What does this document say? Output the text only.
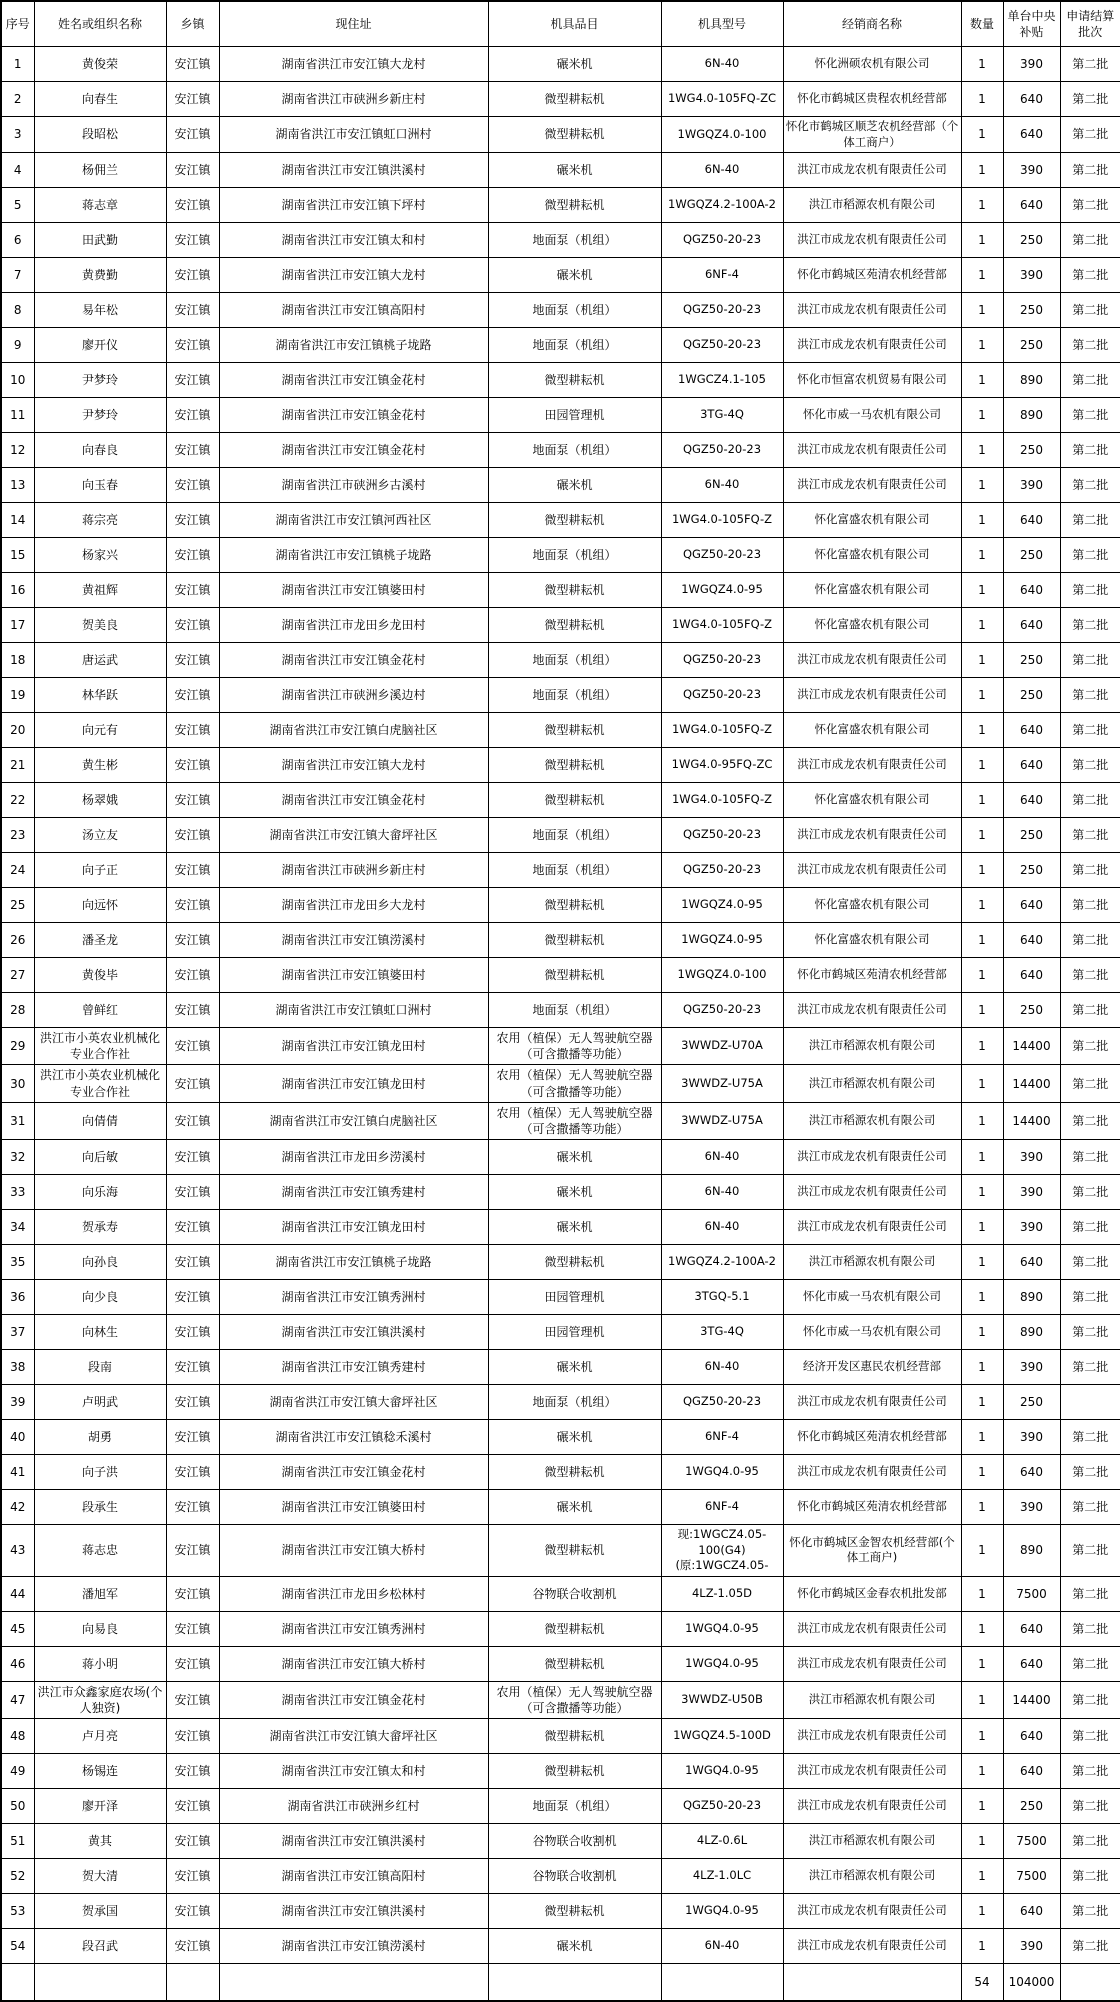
序号	姓名或组织名称	乡镇	现住址	机具品目	机具型号	经销商名称	数量	单台中央补贴	申请结算批次
1	黄俊荣	安江镇	湖南省洪江市安江镇大龙村	碾米机	6N-40	怀化洲硕农机有限公司	1	390	第二批
2	向春生	安江镇	湖南省洪江市硖洲乡新庄村	微型耕耘机	1WG4.0-105FQ-ZC	怀化市鹤城区贵程农机经营部	1	640	第二批
3	段昭松	安江镇	湖南省洪江市安江镇虹口洲村	微型耕耘机	1WGQZ4.0-100	怀化市鹤城区顺芝农机经营部（个体工商户）	1	640	第二批
4	杨佣兰	安江镇	湖南省洪江市安江镇洪溪村	碾米机	6N-40	洪江市成龙农机有限责任公司	1	390	第二批
5	蒋志章	安江镇	湖南省洪江市安江镇下坪村	微型耕耘机	1WGQZ4.2-100A-2	洪江市稻源农机有限公司	1	640	第二批
6	田武勤	安江镇	湖南省洪江市安江镇太和村	地面泵（机组）	QGZ50-20-23	洪江市成龙农机有限责任公司	1	250	第二批
7	黄费勤	安江镇	湖南省洪江市安江镇大龙村	碾米机	6NF-4	怀化市鹤城区苑清农机经营部	1	390	第二批
8	易年松	安江镇	湖南省洪江市安江镇高阳村	地面泵（机组）	QGZ50-20-23	洪江市成龙农机有限责任公司	1	250	第二批
9	廖开仪	安江镇	湖南省洪江市安江镇桃子垅路	地面泵（机组）	QGZ50-20-23	洪江市成龙农机有限责任公司	1	250	第二批
10	尹梦玲	安江镇	湖南省洪江市安江镇金花村	微型耕耘机	1WGCZ4.1-105	怀化市恒富农机贸易有限公司	1	890	第二批
11	尹梦玲	安江镇	湖南省洪江市安江镇金花村	田园管理机	3TG-4Q	怀化市威一马农机有限公司	1	890	第二批
12	向春良	安江镇	湖南省洪江市安江镇金花村	地面泵（机组）	QGZ50-20-23	洪江市成龙农机有限责任公司	1	250	第二批
13	向玉春	安江镇	湖南省洪江市硖洲乡古溪村	碾米机	6N-40	洪江市成龙农机有限责任公司	1	390	第二批
14	蒋宗亮	安江镇	湖南省洪江市安江镇河西社区	微型耕耘机	1WG4.0-105FQ-Z	怀化富盛农机有限公司	1	640	第二批
15	杨家兴	安江镇	湖南省洪江市安江镇桃子垅路	地面泵（机组）	QGZ50-20-23	怀化富盛农机有限公司	1	250	第二批
16	黄祖辉	安江镇	湖南省洪江市安江镇婆田村	微型耕耘机	1WGQZ4.0-95	怀化富盛农机有限公司	1	640	第二批
17	贺美良	安江镇	湖南省洪江市龙田乡龙田村	微型耕耘机	1WG4.0-105FQ-Z	怀化富盛农机有限公司	1	640	第二批
18	唐运武	安江镇	湖南省洪江市安江镇金花村	地面泵（机组）	QGZ50-20-23	洪江市成龙农机有限责任公司	1	250	第二批
19	林华跃	安江镇	湖南省洪江市硖洲乡溪边村	地面泵（机组）	QGZ50-20-23	洪江市成龙农机有限责任公司	1	250	第二批
20	向元有	安江镇	湖南省洪江市安江镇白虎脑社区	微型耕耘机	1WG4.0-105FQ-Z	怀化富盛农机有限公司	1	640	第二批
21	黄生彬	安江镇	湖南省洪江市安江镇大龙村	微型耕耘机	1WG4.0-95FQ-ZC	洪江市成龙农机有限责任公司	1	640	第二批
22	杨翠娥	安江镇	湖南省洪江市安江镇金花村	微型耕耘机	1WG4.0-105FQ-Z	怀化富盛农机有限公司	1	640	第二批
23	汤立友	安江镇	湖南省洪江市安江镇大畲坪社区	地面泵（机组）	QGZ50-20-23	洪江市成龙农机有限责任公司	1	250	第二批
24	向子正	安江镇	湖南省洪江市硖洲乡新庄村	地面泵（机组）	QGZ50-20-23	洪江市成龙农机有限责任公司	1	250	第二批
25	向远怀	安江镇	湖南省洪江市龙田乡大龙村	微型耕耘机	1WGQZ4.0-95	怀化富盛农机有限公司	1	640	第二批
26	潘圣龙	安江镇	湖南省洪江市安江镇涝溪村	微型耕耘机	1WGQZ4.0-95	怀化富盛农机有限公司	1	640	第二批
27	黄俊毕	安江镇	湖南省洪江市安江镇婆田村	微型耕耘机	1WGQZ4.0-100	怀化市鹤城区苑清农机经营部	1	640	第二批
28	曾鲜红	安江镇	湖南省洪江市安江镇虹口洲村	地面泵（机组）	QGZ50-20-23	洪江市成龙农机有限责任公司	1	250	第二批
29	洪江市小英农业机械化专业合作社	安江镇	湖南省洪江市安江镇龙田村	农用（植保）无人驾驶航空器（可含撒播等功能）	3WWDZ-U70A	洪江市稻源农机有限公司	1	14400	第二批
30	洪江市小英农业机械化专业合作社	安江镇	湖南省洪江市安江镇龙田村	农用（植保）无人驾驶航空器（可含撒播等功能）	3WWDZ-U75A	洪江市稻源农机有限公司	1	14400	第二批
31	向倩倩	安江镇	湖南省洪江市安江镇白虎脑社区	农用（植保）无人驾驶航空器（可含撒播等功能）	3WWDZ-U75A	洪江市稻源农机有限公司	1	14400	第二批
32	向后敏	安江镇	湖南省洪江市龙田乡涝溪村	碾米机	6N-40	洪江市成龙农机有限责任公司	1	390	第二批
33	向乐海	安江镇	湖南省洪江市安江镇秀建村	碾米机	6N-40	洪江市成龙农机有限责任公司	1	390	第二批
34	贺承寿	安江镇	湖南省洪江市安江镇龙田村	碾米机	6N-40	洪江市成龙农机有限责任公司	1	390	第二批
35	向孙良	安江镇	湖南省洪江市安江镇桃子垅路	微型耕耘机	1WGQZ4.2-100A-2	洪江市稻源农机有限公司	1	640	第二批
36	向少良	安江镇	湖南省洪江市安江镇秀洲村	田园管理机	3TGQ-5.1	怀化市威一马农机有限公司	1	890	第二批
37	向林生	安江镇	湖南省洪江市安江镇洪溪村	田园管理机	3TG-4Q	怀化市威一马农机有限公司	1	890	第二批
38	段南	安江镇	湖南省洪江市安江镇秀建村	碾米机	6N-40	经济开发区惠民农机经营部	1	390	第二批
39	卢明武	安江镇	湖南省洪江市安江镇大畲坪社区	地面泵（机组）	QGZ50-20-23	洪江市成龙农机有限责任公司	1	250	
40	胡勇	安江镇	湖南省洪江市安江镇稔禾溪村	碾米机	6NF-4	怀化市鹤城区苑清农机经营部	1	390	第二批
41	向子洪	安江镇	湖南省洪江市安江镇金花村	微型耕耘机	1WGQ4.0-95	洪江市成龙农机有限责任公司	1	640	第二批
42	段承生	安江镇	湖南省洪江市安江镇婆田村	碾米机	6NF-4	怀化市鹤城区苑清农机经营部	1	390	第二批
43	蒋志忠	安江镇	湖南省洪江市安江镇大桥村	微型耕耘机	现:1WGCZ4.05-100(G4) (原:1WGCZ4.05-	怀化市鹤城区金智农机经营部(个体工商户)	1	890	第二批
44	潘旭军	安江镇	湖南省洪江市龙田乡松林村	谷物联合收割机	4LZ-1.05D	怀化市鹤城区金春农机批发部	1	7500	第二批
45	向易良	安江镇	湖南省洪江市安江镇秀洲村	微型耕耘机	1WGQ4.0-95	洪江市成龙农机有限责任公司	1	640	第二批
46	蒋小明	安江镇	湖南省洪江市安江镇大桥村	微型耕耘机	1WGQ4.0-95	洪江市成龙农机有限责任公司	1	640	第二批
47	洪江市众鑫家庭农场(个人独资)	安江镇	湖南省洪江市安江镇金花村	农用（植保）无人驾驶航空器（可含撒播等功能）	3WWDZ-U50B	洪江市稻源农机有限公司	1	14400	第二批
48	卢月亮	安江镇	湖南省洪江市安江镇大畲坪社区	微型耕耘机	1WGQZ4.5-100D	洪江市成龙农机有限责任公司	1	640	第二批
49	杨锡连	安江镇	湖南省洪江市安江镇太和村	微型耕耘机	1WGQ4.0-95	洪江市成龙农机有限责任公司	1	640	第二批
50	廖开泽	安江镇	湖南省洪江市硖洲乡红村	地面泵（机组）	QGZ50-20-23	洪江市成龙农机有限责任公司	1	250	第二批
51	黄其	安江镇	湖南省洪江市安江镇洪溪村	谷物联合收割机	4LZ-0.6L	洪江市稻源农机有限公司	1	7500	第二批
52	贺大清	安江镇	湖南省洪江市安江镇高阳村	谷物联合收割机	4LZ-1.0LC	洪江市稻源农机有限公司	1	7500	第二批
53	贺承国	安江镇	湖南省洪江市安江镇洪溪村	微型耕耘机	1WGQ4.0-95	洪江市成龙农机有限责任公司	1	640	第二批
54	段召武	安江镇	湖南省洪江市安江镇涝溪村	碾米机	6N-40	洪江市成龙农机有限责任公司	1	390	第二批
							54	104000	
